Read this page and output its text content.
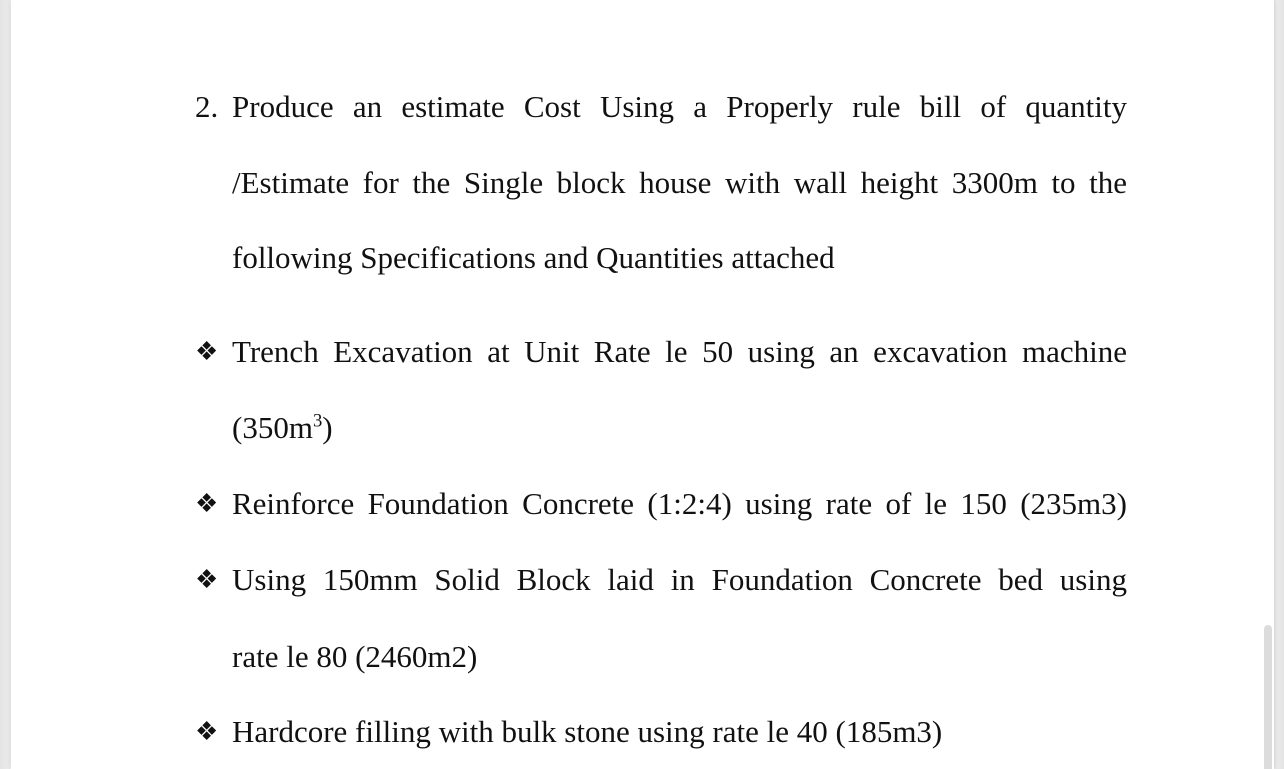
2. Produce an estimate Cost Using a Properly rule bill of quantity
/Estimate for the Single block house with wall height 3300m to the
following Specifications and Quantities attached
❖ Trench Excavation at Unit Rate le 50 using an excavation machine
$(350m^3)$
❖ Reinforce Foundation Concrete (1:2:4) using rate of le 150 (235m3)
❖ Using 150mm Solid Block laid in Foundation Concrete bed using
rate le 80 (2460m2)
❖ Hardcore filling with bulk stone using rate le 40 (185m3)
